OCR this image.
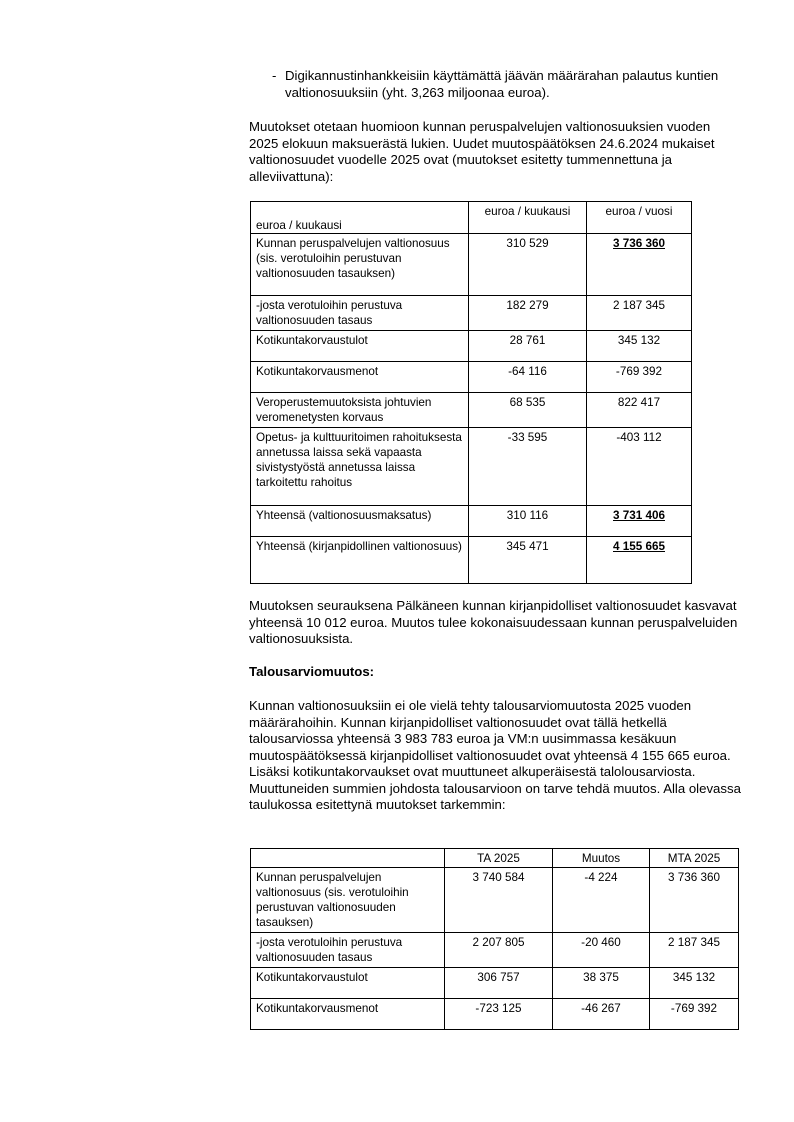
- Digikannustinhankkeisiin käyttämättä jäävän määrärahan palautus kuntien valtionosuuksiin (yht. 3,263 miljoonaa euroa).
Muutokset otetaan huomioon kunnan peruspalvelujen valtionosuuksien vuoden 2025 elokuun maksuerästä lukien. Uudet muutospäätöksen 24.6.2024 mukaiset valtionosuudet vuodelle 2025 ovat (muutokset esitetty tummennettuna ja alleviivattuna):
euroa / kuukausi	euroa / kuukausi	euroa / vuosi
Kunnan peruspalvelujen valtionosuus (sis. verotuloihin perustuvan valtionosuuden tasauksen)	310 529	3 736 360
-josta verotuloihin perustuva valtionosuuden tasaus	182 279	2 187 345
Kotikuntakorvaustulot	28 761	345 132
Kotikuntakorvausmenot	-64 116	-769 392
Veroperustemuutoksista johtuvien veromenetysten korvaus	68 535	822 417
Opetus- ja kulttuuritoimen rahoituksesta annetussa laissa sekä vapaasta sivistystyöstä annetussa laissa tarkoitettu rahoitus	-33 595	-403 112
Yhteensä (valtionosuusmaksatus)	310 116	3 731 406
Yhteensä (kirjanpidollinen valtionosuus)	345 471	4 155 665
Muutoksen seurauksena Pälkäneen kunnan kirjanpidolliset valtionosuudet kasvavat yhteensä 10 012 euroa. Muutos tulee kokonaisuudessaan kunnan peruspalveluiden valtionosuuksista.
Talousarviomuutos:
Kunnan valtionosuuksiin ei ole vielä tehty talousarviomuutosta 2025 vuoden määrärahoihin. Kunnan kirjanpidolliset valtionosuudet ovat tällä hetkellä talousarviossa yhteensä 3 983 783 euroa ja VM:n uusimmassa kesäkuun muutospäätöksessä kirjanpidolliset valtionosuudet ovat yhteensä 4 155 665 euroa. Lisäksi kotikuntakorvaukset ovat muuttuneet alkuperäisestä talolousarviosta. Muuttuneiden summien johdosta talousarvioon on tarve tehdä muutos. Alla olevassa taulukossa esitettynä muutokset tarkemmin:
	TA 2025	Muutos	MTA 2025
Kunnan peruspalvelujen valtionosuus (sis. verotuloihin perustuvan valtionosuuden tasauksen)	3 740 584	-4 224	3 736 360
-josta verotuloihin perustuva valtionosuuden tasaus	2 207 805	-20 460	2 187 345
Kotikuntakorvaustulot	306 757	38 375	345 132
Kotikuntakorvausmenot	-723 125	-46 267	-769 392
